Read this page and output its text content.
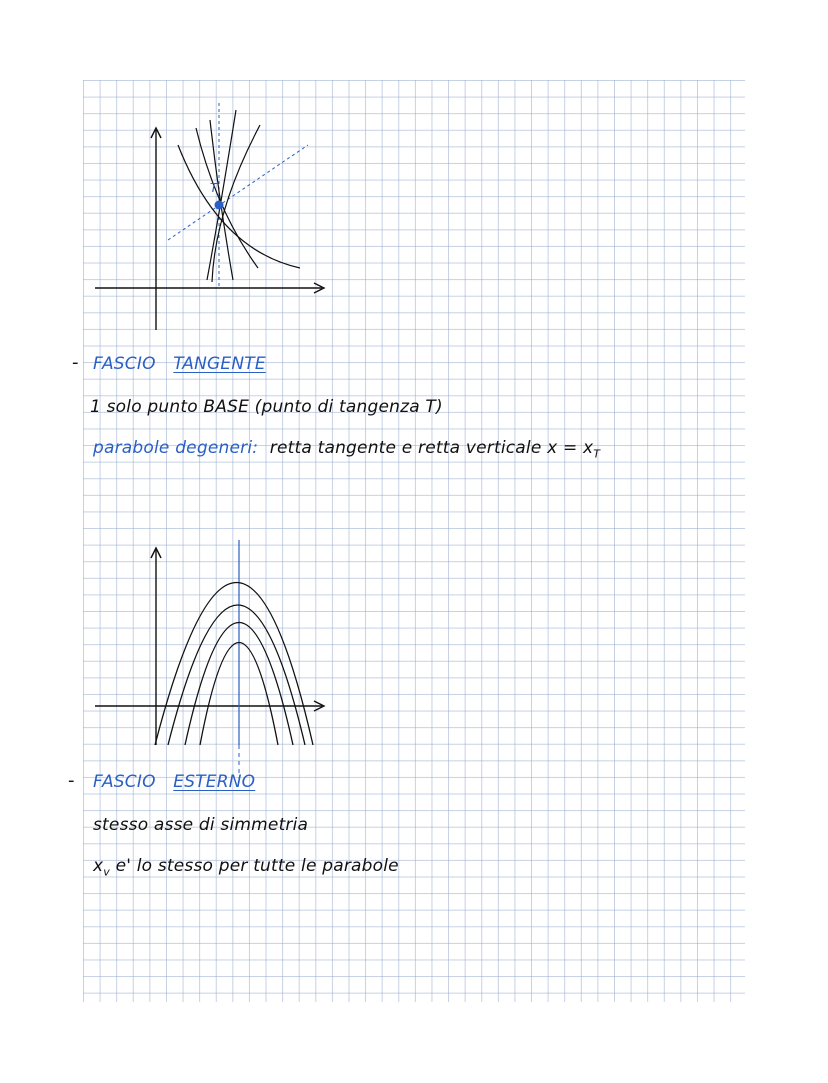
T
- FASCIO TANGENTE
1 solo punto BASE (punto di tangenza T)
parabole degeneri: retta tangente e retta verticale $x = x_T$
- FASCIO ESTERNO
stesso asse di simmetria
$x_v$ e' lo stesso per tutte le parabole
